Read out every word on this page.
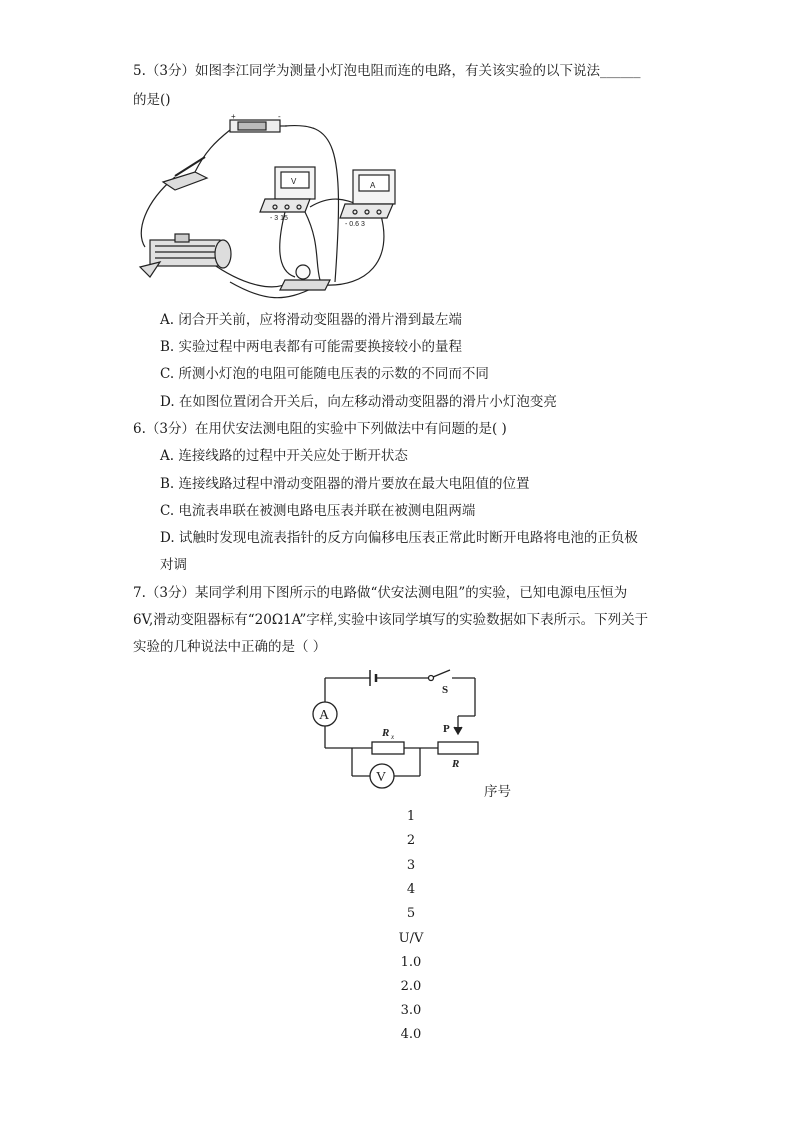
5.（3分）如图李江同学为测量小灯泡电阻而连的电路，有关该实验的以下说法______
的是()
+	-
V	A
- 3 15
- 0.6 3
A. 闭合开关前，应将滑动变阻器的滑片滑到最左端
B. 实验过程中两电表都有可能需要换接较小的量程
C. 所测小灯泡的电阻可能随电压表的示数的不同而不同
D. 在如图位置闭合开关后，向左移动滑动变阻器的滑片小灯泡变亮
6.（3分）在用伏安法测电阻的实验中下列做法中有问题的是( )
A. 连接线路的过程中开关应处于断开状态
B. 连接线路过程中滑动变阻器的滑片要放在最大电阻值的位置
C. 电流表串联在被测电路电压表并联在被测电阻两端
D. 试触时发现电流表指针的反方向偏移电压表正常此时断开电路将电池的正负极
对调
7.（3分）某同学利用下图所示的电路做“伏安法测电阻”的实验，已知电源电压恒为
6V,滑动变阻器标有“20Ω1A”字样,实验中该同学填写的实验数据如下表所示。下列关于
实验的几种说法中正确的是（ ）
A
V
S
R x
P
R
序号
1
2
3
4
5
U/V
1.0
2.0
3.0
4.0
